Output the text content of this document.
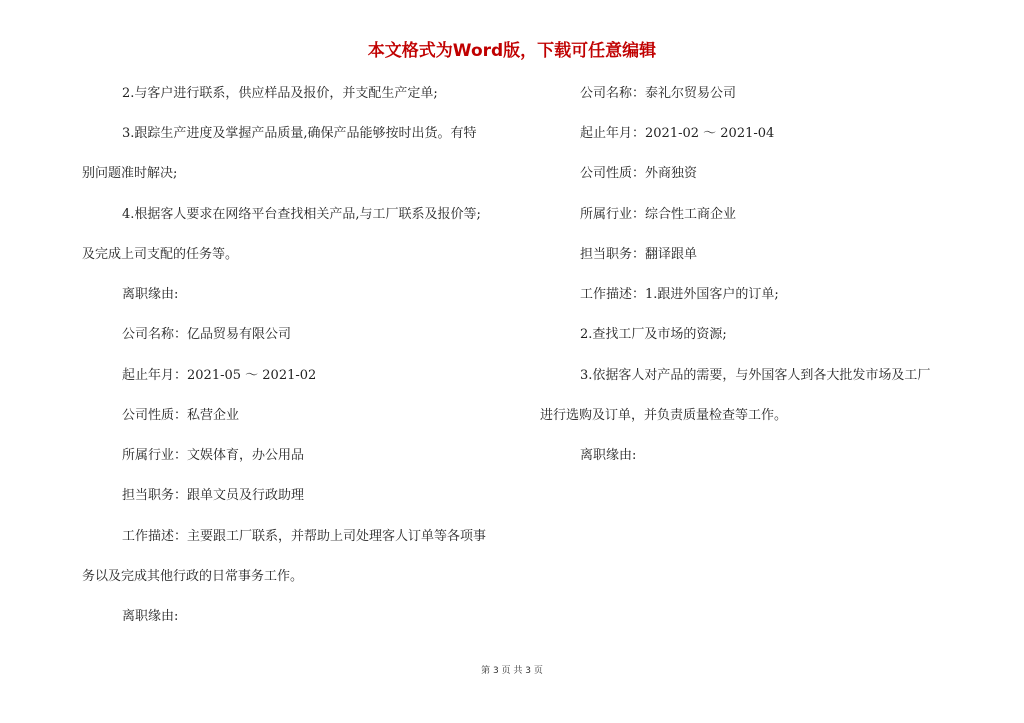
本文格式为Word版，下载可任意编辑
2.与客户进行联系，供应样品及报价，并支配生产定单;
3.跟踪生产进度及掌握产品质量,确保产品能够按时出货。有特
别问题准时解决;
4.根据客人要求在网络平台查找相关产品,与工厂联系及报价等;
及完成上司支配的任务等。
离职缘由:
公司名称：亿品贸易有限公司
起止年月：2021-05 ～ 2021-02
公司性质：私营企业
所属行业：文娱体育，办公用品
担当职务：跟单文员及行政助理
工作描述：主要跟工厂联系，并帮助上司处理客人订单等各项事
务以及完成其他行政的日常事务工作。
离职缘由:
公司名称：泰礼尔贸易公司
起止年月：2021-02 ～ 2021-04
公司性质：外商独资
所属行业：综合性工商企业
担当职务：翻译跟单
工作描述：1.跟进外国客户的订单;
2.查找工厂及市场的资源;
3.依据客人对产品的需要，与外国客人到各大批发市场及工厂
进行选购及订单，并负责质量检查等工作。
离职缘由:
第 3 页 共 3 页
